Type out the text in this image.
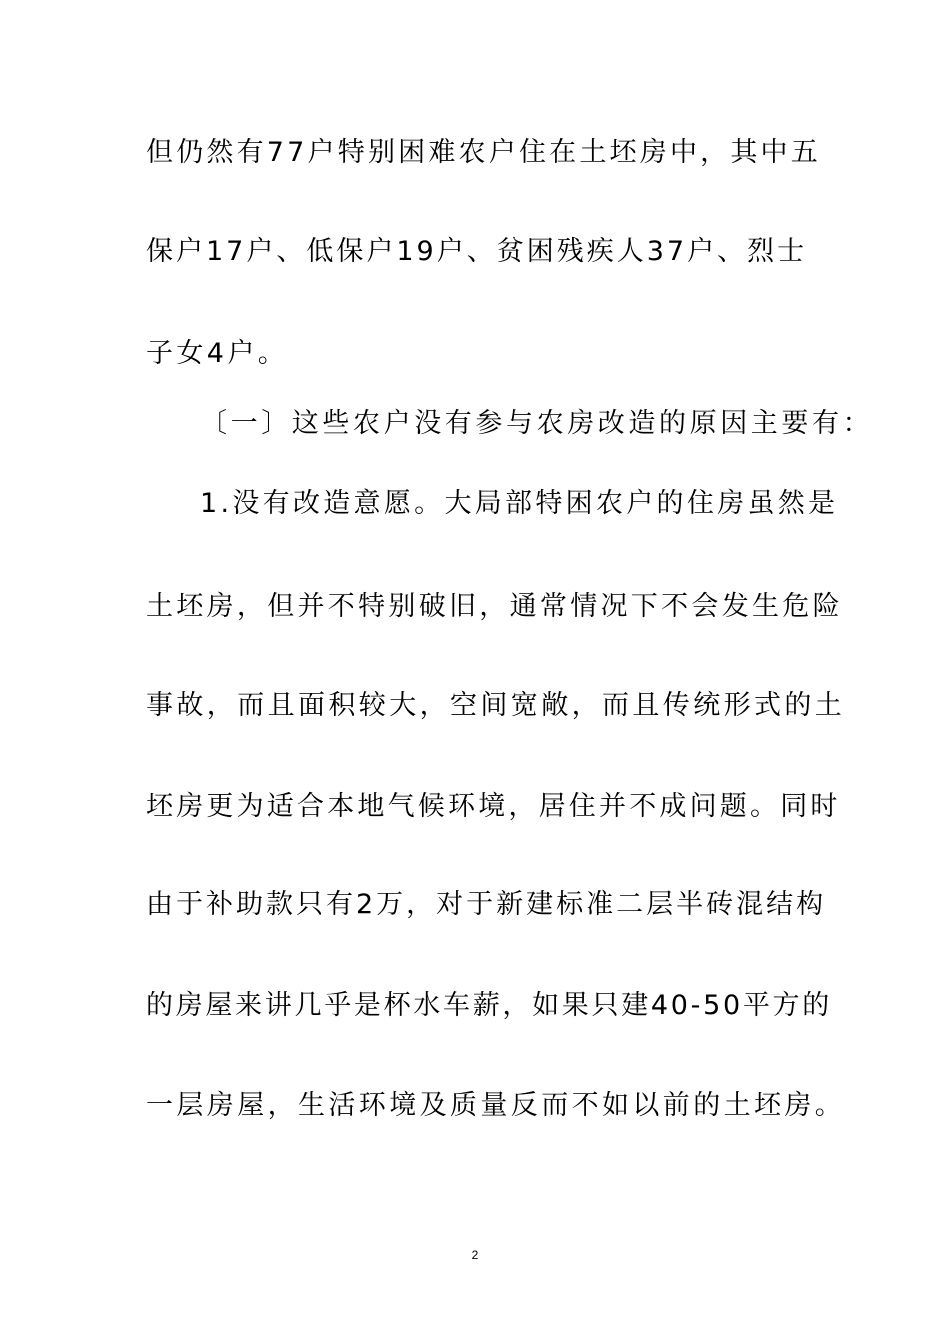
但仍然有77户特别困难农户住在土坯房中，其中五
保户17户、低保户19户、贫困残疾人37户、烈士
子女4户。
〔一〕这些农户没有参与农房改造的原因主要有：
1.没有改造意愿。大局部特困农户的住房虽然是
土坯房，但并不特别破旧，通常情况下不会发生危险
事故，而且面积较大，空间宽敞，而且传统形式的土
坯房更为适合本地气候环境，居住并不成问题。同时
由于补助款只有2万，对于新建标准二层半砖混结构
的房屋来讲几乎是杯水车薪，如果只建40-50平方的
一层房屋，生活环境及质量反而不如以前的土坯房。
2
